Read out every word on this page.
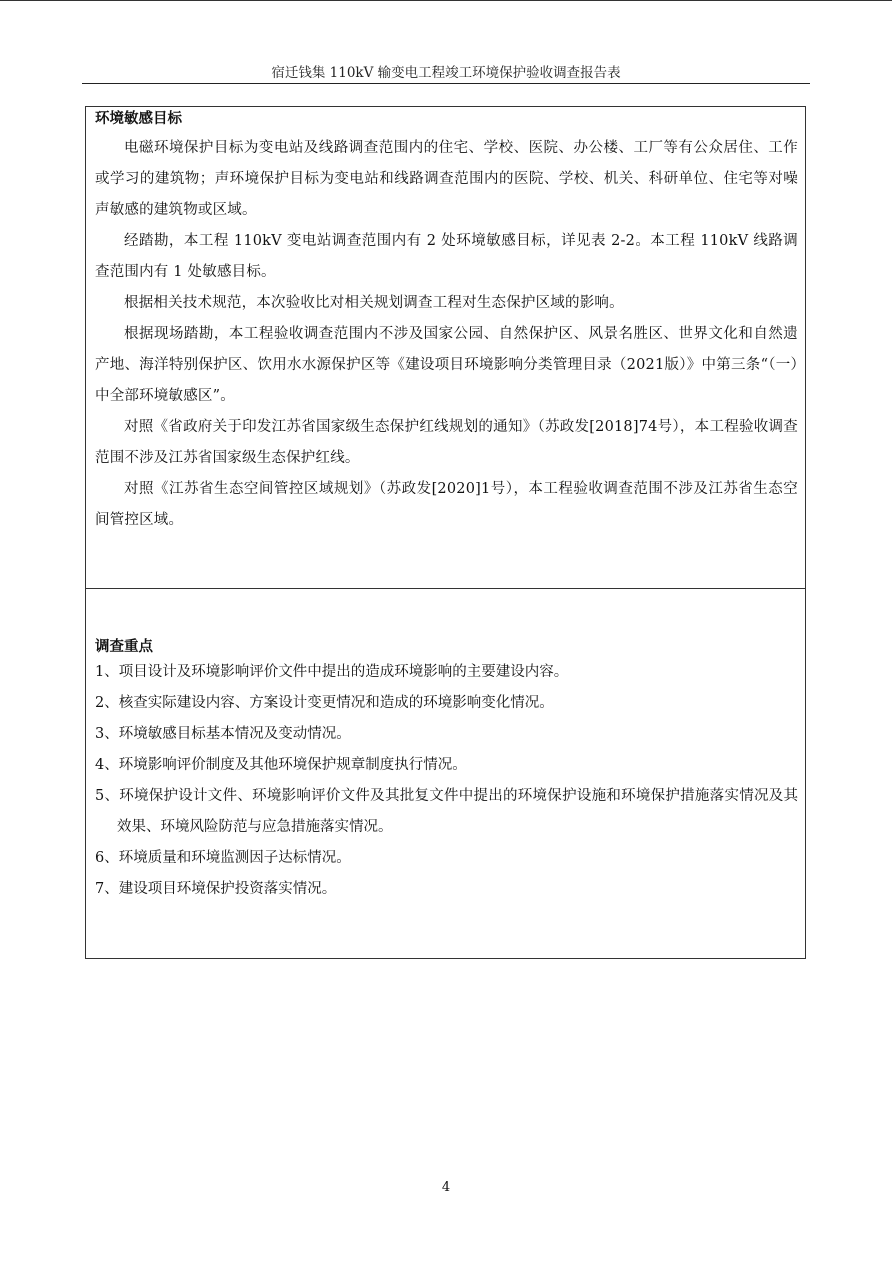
宿迁钱集 110kV 输变电工程竣工环境保护验收调查报告表
环境敏感目标

电磁环境保护目标为变电站及线路调查范围内的住宅、学校、医院、办公楼、工厂等有公众居住、工作或学习的建筑物；声环境保护目标为变电站和线路调查范围内的医院、学校、机关、科研单位、住宅等对噪声敏感的建筑物或区域。

经踏勘，本工程 110kV 变电站调查范围内有 2 处环境敏感目标，详见表 2-2。本工程 110kV 线路调查范围内有 1 处敏感目标。

根据相关技术规范，本次验收比对相关规划调查工程对生态保护区域的影响。

根据现场踏勘，本工程验收调查范围内不涉及国家公园、自然保护区、风景名胜区、世界文化和自然遗产地、海洋特别保护区、饮用水水源保护区等《建设项目环境影响分类管理目录（2021版）》中第三条“（一）中全部环境敏感区”。

对照《省政府关于印发江苏省国家级生态保护红线规划的通知》（苏政发[2018]74号），本工程验收调查范围不涉及江苏省国家级生态保护红线。

对照《江苏省生态空间管控区域规划》（苏政发[2020]1号），本工程验收调查范围不涉及江苏省生态空间管控区域。

调查重点

1、项目设计及环境影响评价文件中提出的造成环境影响的主要建设内容。

2、核查实际建设内容、方案设计变更情况和造成的环境影响变化情况。

3、环境敏感目标基本情况及变动情况。

4、环境影响评价制度及其他环境保护规章制度执行情况。

5、环境保护设计文件、环境影响评价文件及其批复文件中提出的环境保护设施和环境保护措施落实情况及其效果、环境风险防范与应急措施落实情况。

6、环境质量和环境监测因子达标情况。

7、建设项目环境保护投资落实情况。

4
